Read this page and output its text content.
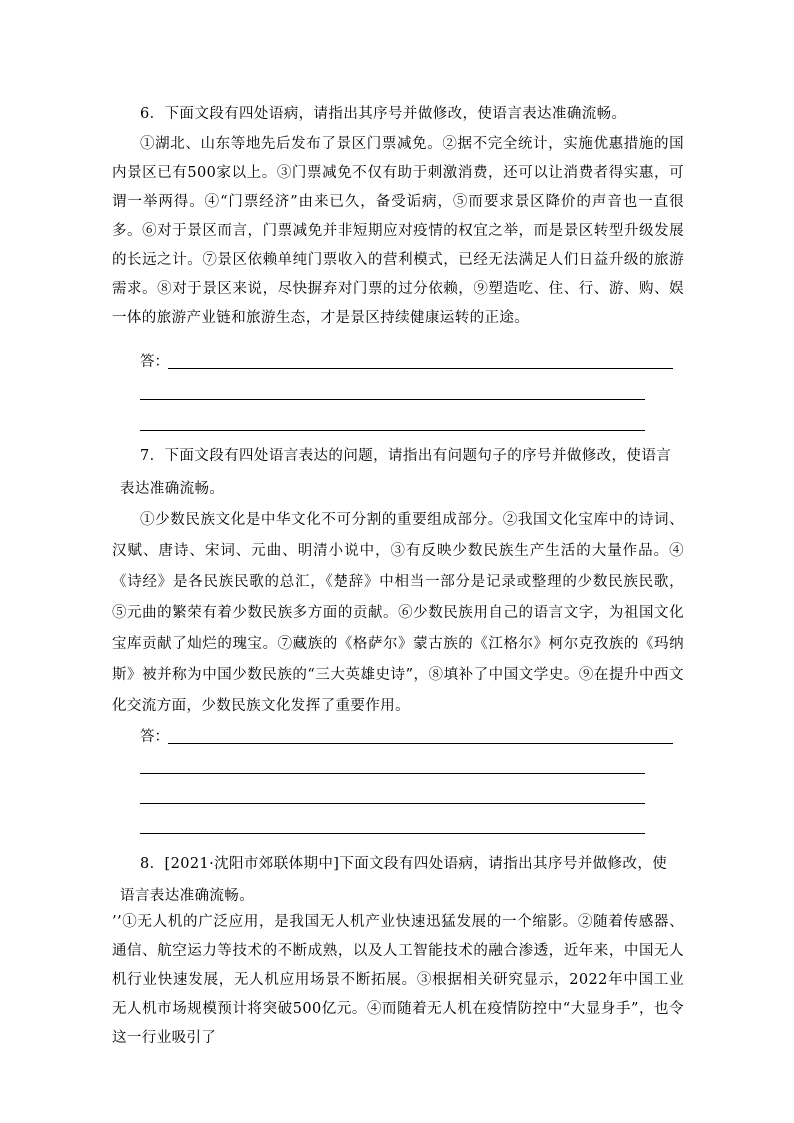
6．下面文段有四处语病，请指出其序号并做修改，使语言表达准确流畅。
①湖北、山东等地先后发布了景区门票减免。②据不完全统计，实施优惠措施的国内景区已有500家以上。③门票减免不仅有助于刺激消费，还可以让消费者得实惠，可谓一举两得。④“门票经济”由来已久，备受诟病，⑤而要求景区降价的声音也一直很多。⑥对于景区而言，门票减免并非短期应对疫情的权宜之举，而是景区转型升级发展的长远之计。⑦景区依赖单纯门票收入的营利模式，已经无法满足人们日益升级的旅游需求。⑧对于景区来说，尽快摒弃对门票的过分依赖，⑨塑造吃、住、行、游、购、娱一体的旅游产业链和旅游生态，才是景区持续健康运转的正途。
答：
7．下面文段有四处语言表达的问题，请指出有问题句子的序号并做修改，使语言表达准确流畅。
①少数民族文化是中华文化不可分割的重要组成部分。②我国文化宝库中的诗词、汉赋、唐诗、宋词、元曲、明清小说中，③有反映少数民族生产生活的大量作品。④《诗经》是各民族民歌的总汇，《楚辞》中相当一部分是记录或整理的少数民族民歌，⑤元曲的繁荣有着少数民族多方面的贡献。⑥少数民族用自己的语言文字，为祖国文化宝库贡献了灿烂的瑰宝。⑦藏族的《格萨尔》蒙古族的《江格尔》柯尔克孜族的《玛纳斯》被并称为中国少数民族的“三大英雄史诗”，⑧填补了中国文学史。⑨在提升中西文化交流方面，少数民族文化发挥了重要作用。
答：
8．[2021·沈阳市郊联体期中]下面文段有四处语病，请指出其序号并做修改，使语言表达准确流畅。
’’①无人机的广泛应用，是我国无人机产业快速迅猛发展的一个缩影。②随着传感器、通信、航空运力等技术的不断成熟，以及人工智能技术的融合渗透，近年来，中国无人机行业快速发展，无人机应用场景不断拓展。③根据相关研究显示，2022年中国工业无人机市场规模预计将突破500亿元。④而随着无人机在疫情防控中“大显身手”，也令这一行业吸引了
